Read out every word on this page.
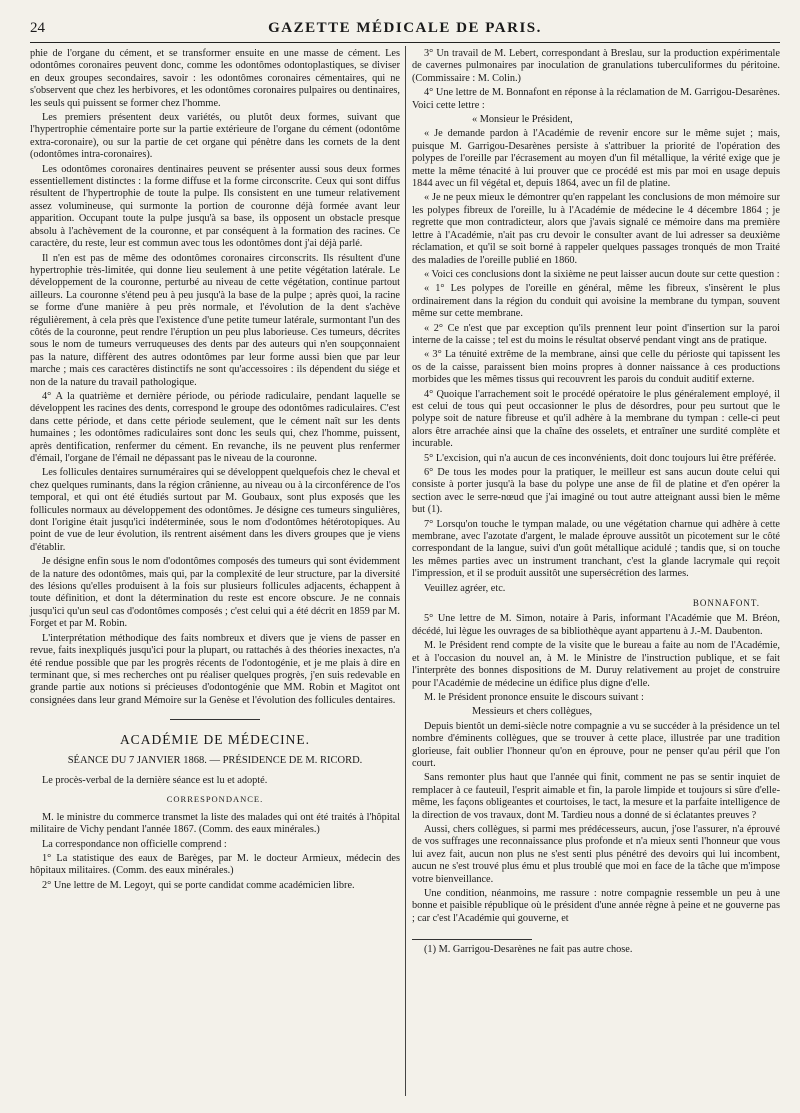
24	GAZETTE MÉDICALE DE PARIS.

phie de l'organe du cément, et se transformer ensuite en une masse de cément. Les odontômes coronaires peuvent donc, comme les odontômes odontoplastiques, se diviser en deux groupes secondaires, savoir : les odontômes coronaires cémentaires, qui ne s'observent que chez les herbivores, et les odontômes coronaires pulpaires ou dentinaires, les seuls qui puissent se former chez l'homme.

Les premiers présentent deux variétés, ou plutôt deux formes, suivant que l'hypertrophie cémentaire porte sur la partie extérieure de l'organe du cément (odontôme extra-coronaire), ou sur la partie de cet organe qui pénètre dans les cornets de la dent (odontômes intra-coronaires).

Les odontômes coronaires dentinaires peuvent se présenter aussi sous deux formes essentiellement distinctes : la forme diffuse et la forme circonscrite. Ceux qui sont diffus résultent de l'hypertrophie de toute la pulpe. Ils consistent en une tumeur relativement assez volumineuse, qui surmonte la portion de couronne déjà formée avant leur apparition. Occupant toute la pulpe jusqu'à sa base, ils opposent un obstacle presque absolu à l'achèvement de la couronne, et par conséquent à la formation des racines. Ce caractère, du reste, leur est commun avec tous les odontômes dont j'ai déjà parlé.

Il n'en est pas de même des odontômes coronaires circonscrits. Ils résultent d'une hypertrophie très-limitée, qui donne lieu seulement à une petite végétation latérale. Le développement de la couronne, perturbé au niveau de cette végétation, continue partout ailleurs. La couronne s'étend peu à peu jusqu'à la base de la pulpe ; après quoi, la racine se forme d'une manière à peu près normale, et l'évolution de la dent s'achève régulièrement, à cela près que l'existence d'une petite tumeur latérale, surmontant l'un des côtés de la couronne, peut rendre l'éruption un peu plus laborieuse. Ces tumeurs, décrites sous le nom de tumeurs verruqueuses des dents par des auteurs qui n'en soupçonnaient pas la nature, diffèrent des autres odontômes par leur forme aussi bien que par leur marche ; mais ces caractères distinctifs ne sont qu'accessoires : ils dépendent du siége et non de la nature du travail pathologique.

4° A la quatrième et dernière période, ou période radiculaire, pendant laquelle se développent les racines des dents, correspond le groupe des odontômes radiculaires. C'est dans cette période, et dans cette période seulement, que le cément naît sur les dents humaines ; les odontômes radiculaires sont donc les seuls qui, chez l'homme, puissent, après dentification, renfermer du cément. En revanche, ils ne peuvent plus renfermer d'émail, l'organe de l'émail ne dépassant pas le niveau de la couronne.

Les follicules dentaires surnuméraires qui se développent quelquefois chez le cheval et chez quelques ruminants, dans la région crânienne, au niveau ou à la circonférence de l'os temporal, et qui ont été étudiés surtout par M. Goubaux, sont plus exposés que les follicules normaux au développement des odontômes. Je désigne ces tumeurs singulières, dont l'origine était jusqu'ici indéterminée, sous le nom d'odontômes hétérotopiques. Au point de vue de leur évolution, ils rentrent aisément dans les divers groupes que je viens d'établir.

Je désigne enfin sous le nom d'odontômes composés des tumeurs qui sont évidemment de la nature des odontômes, mais qui, par la complexité de leur structure, par la diversité des lésions qu'elles produisent à la fois sur plusieurs follicules adjacents, échappent à toute définition, et dont la détermination du reste est encore obscure. Je ne connais jusqu'ici qu'un seul cas d'odontômes composés ; c'est celui qui a été décrit en 1859 par M. Forget et par M. Robin.

L'interprétation méthodique des faits nombreux et divers que je viens de passer en revue, faits inexpliqués jusqu'ici pour la plupart, ou rattachés à des théories inexactes, n'a été rendue possible que par les progrès récents de l'odontogénie, et je me plais à dire en terminant que, si mes recherches ont pu réaliser quelques progrès, j'en suis redevable en grande partie aux notions si précieuses d'odontogénie que MM. Robin et Magitot ont consignées dans leur grand Mémoire sur la Genèse et l'évolution des follicules dentaires.

ACADÉMIE DE MÉDECINE.
SÉANCE DU 7 JANVIER 1868. — PRÉSIDENCE DE M. RICORD.

Le procès-verbal de la dernière séance est lu et adopté.

CORRESPONDANCE.

M. le ministre du commerce transmet la liste des malades qui ont été traités à l'hôpital militaire de Vichy pendant l'année 1867. (Comm. des eaux minérales.)

La correspondance non officielle comprend :

1° La statistique des eaux de Barèges, par M. le docteur Armieux, médecin des hôpitaux militaires. (Comm. des eaux minérales.)

2° Une lettre de M. Legoyt, qui se porte candidat comme académicien libre.

3° Un travail de M. Lebert, correspondant à Breslau, sur la production expérimentale de cavernes pulmonaires par inoculation de granulations tuberculiformes du péritoine. (Commissaire : M. Colin.)

4° Une lettre de M. Bonnafont en réponse à la réclamation de M. Garrigou-Desarènes. Voici cette lettre :

« Monsieur le Président,

« Je demande pardon à l'Académie de revenir encore sur le même sujet ; mais, puisque M. Garrigou-Desarènes persiste à s'attribuer la priorité de l'opération des polypes de l'oreille par l'écrasement au moyen d'un fil métallique, la vérité exige que je mette la même ténacité à lui prouver que ce procédé est mis par moi en usage depuis 1844 avec un fil végétal et, depuis 1864, avec un fil de platine.

« Je ne peux mieux le démontrer qu'en rappelant les conclusions de mon mémoire sur les polypes fibreux de l'oreille, lu à l'Académie de médecine le 4 décembre 1864 ; je regrette que mon contradicteur, alors que j'avais signalé ce mémoire dans ma première lettre à l'Académie, n'ait pas cru devoir le consulter avant de lui adresser sa deuxième réclamation, et qu'il se soit borné à rappeler quelques passages tronqués de mon Traité des maladies de l'oreille publié en 1860.

« Voici ces conclusions dont la sixième ne peut laisser aucun doute sur cette question :

« 1° Les polypes de l'oreille en général, même les fibreux, s'insèrent le plus ordinairement dans la région du conduit qui avoisine la membrane du tympan, souvent même sur cette membrane.

« 2° Ce n'est que par exception qu'ils prennent leur point d'insertion sur la paroi interne de la caisse ; tel est du moins le résultat observé pendant vingt ans de pratique.

« 3° La ténuité extrême de la membrane, ainsi que celle du périoste qui tapissent les os de la caisse, paraissent bien moins propres à donner naissance à ces productions morbides que les mêmes tissus qui recouvrent les parois du conduit auditif externe.

4° Quoique l'arrachement soit le procédé opératoire le plus généralement employé, il est celui de tous qui peut occasionner le plus de désordres, pour peu surtout que le polype soit de nature fibreuse et qu'il adhère à la membrane du tympan : celle-ci peut alors être arrachée ainsi que la chaîne des osselets, et entraîner une surdité complète et incurable.

5° L'excision, qui n'a aucun de ces inconvénients, doit donc toujours lui être préférée.

6° De tous les modes pour la pratiquer, le meilleur est sans aucun doute celui qui consiste à porter jusqu'à la base du polype une anse de fil de platine et d'en opérer la section avec le serre-nœud que j'ai imaginé ou tout autre atteignant aussi bien le même but (1).

7° Lorsqu'on touche le tympan malade, ou une végétation charnue qui adhère à cette membrane, avec l'azotate d'argent, le malade éprouve aussitôt un picotement sur le côté correspondant de la langue, suivi d'un goût métallique acidulé ; tandis que, si on touche les mêmes parties avec un instrument tranchant, c'est la glande lacrymale qui reçoit l'impression, et il se produit aussitôt une supersécrétion des larmes.

Veuillez agréer, etc.

BONNAFONT.

5° Une lettre de M. Simon, notaire à Paris, informant l'Académie que M. Bréon, décédé, lui lègue les ouvrages de sa bibliothèque ayant appartenu à J.-M. Daubenton.

M. le Président rend compte de la visite que le bureau a faite au nom de l'Académie, et à l'occasion du nouvel an, à M. le Ministre de l'instruction publique, et se fait l'interprète des bonnes dispositions de M. Duruy relativement au projet de construire pour l'Académie de médecine un édifice plus digne d'elle.

M. le Président prononce ensuite le discours suivant :

Messieurs et chers collègues,

Depuis bientôt un demi-siècle notre compagnie a vu se succéder à la présidence un tel nombre d'éminents collègues, que se trouver à cette place, illustrée par une tradition glorieuse, fait oublier l'honneur qu'on en éprouve, pour ne penser qu'au péril que l'on court.

Sans remonter plus haut que l'année qui finit, comment ne pas se sentir inquiet de remplacer à ce fauteuil, l'esprit aimable et fin, la parole limpide et toujours si sûre d'elle-même, les façons obligeantes et courtoises, le tact, la mesure et la parfaite intelligence de la direction de vos travaux, dont M. Tardieu nous a donné de si éclatantes preuves ?

Aussi, chers collègues, si parmi mes prédécesseurs, aucun, j'ose l'assurer, n'a éprouvé de vos suffrages une reconnaissance plus profonde et n'a mieux senti l'honneur que vous lui avez fait, aucun non plus ne s'est senti plus pénétré des devoirs qui lui incombent, aucun ne s'est trouvé plus ému et plus troublé que moi en face de la tâche que m'impose votre bienveillance.

Une condition, néanmoins, me rassure : notre compagnie ressemble un peu à une bonne et paisible république où le président d'une année règne à peine et ne gouverne pas ; car c'est l'Académie qui gouverne, et

(1) M. Garrigou-Desarènes ne fait pas autre chose.
